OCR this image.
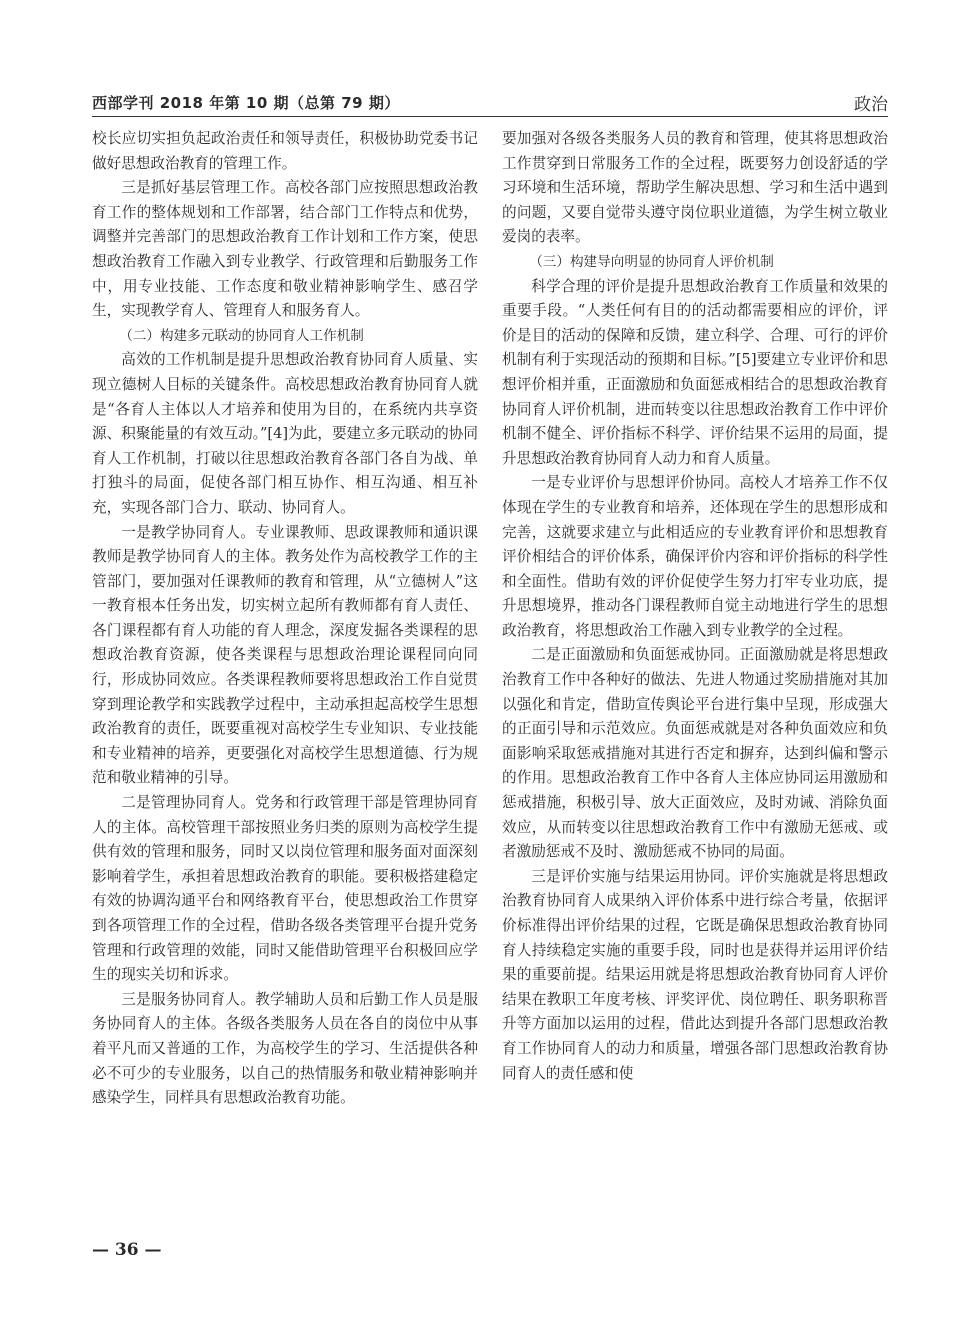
西部学刊 2018 年第 10 期（总第 79 期）	政治

校长应切实担负起政治责任和领导责任，积极协助党委书记做好思想政治教育的管理工作。

三是抓好基层管理工作。高校各部门应按照思想政治教育工作的整体规划和工作部署，结合部门工作特点和优势，调整并完善部门的思想政治教育工作计划和工作方案，使思想政治教育工作融入到专业教学、行政管理和后勤服务工作中，用专业技能、工作态度和敬业精神影响学生、感召学生，实现教学育人、管理育人和服务育人。

（二）构建多元联动的协同育人工作机制

高效的工作机制是提升思想政治教育协同育人质量、实现立德树人目标的关键条件。高校思想政治教育协同育人就是“各育人主体以人才培养和使用为目的，在系统内共享资源、积聚能量的有效互动。”[4]为此，要建立多元联动的协同育人工作机制，打破以往思想政治教育各部门各自为战、单打独斗的局面，促使各部门相互协作、相互沟通、相互补充，实现各部门合力、联动、协同育人。

一是教学协同育人。专业课教师、思政课教师和通识课教师是教学协同育人的主体。教务处作为高校教学工作的主管部门，要加强对任课教师的教育和管理，从“立德树人”这一教育根本任务出发，切实树立起所有教师都有育人责任、各门课程都有育人功能的育人理念，深度发掘各类课程的思想政治教育资源，使各类课程与思想政治理论课程同向同行，形成协同效应。各类课程教师要将思想政治工作自觉贯穿到理论教学和实践教学过程中，主动承担起高校学生思想政治教育的责任，既要重视对高校学生专业知识、专业技能和专业精神的培养，更要强化对高校学生思想道德、行为规范和敬业精神的引导。

二是管理协同育人。党务和行政管理干部是管理协同育人的主体。高校管理干部按照业务归类的原则为高校学生提供有效的管理和服务，同时又以岗位管理和服务面对面深刻影响着学生，承担着思想政治教育的职能。要积极搭建稳定有效的协调沟通平台和网络教育平台，使思想政治工作贯穿到各项管理工作的全过程，借助各级各类管理平台提升党务管理和行政管理的效能，同时又能借助管理平台积极回应学生的现实关切和诉求。

三是服务协同育人。教学辅助人员和后勤工作人员是服务协同育人的主体。各级各类服务人员在各自的岗位中从事着平凡而又普通的工作，为高校学生的学习、生活提供各种必不可少的专业服务，以自己的热情服务和敬业精神影响并感染学生，同样具有思想政治教育功能。

要加强对各级各类服务人员的教育和管理，使其将思想政治工作贯穿到日常服务工作的全过程，既要努力创设舒适的学习环境和生活环境，帮助学生解决思想、学习和生活中遇到的问题，又要自觉带头遵守岗位职业道德，为学生树立敬业爱岗的表率。

（三）构建导向明显的协同育人评价机制

科学合理的评价是提升思想政治教育工作质量和效果的重要手段。“人类任何有目的的活动都需要相应的评价，评价是目的活动的保障和反馈，建立科学、合理、可行的评价机制有利于实现活动的预期和目标。”[5]要建立专业评价和思想评价相并重，正面激励和负面惩戒相结合的思想政治教育协同育人评价机制，进而转变以往思想政治教育工作中评价机制不健全、评价指标不科学、评价结果不运用的局面，提升思想政治教育协同育人动力和育人质量。

一是专业评价与思想评价协同。高校人才培养工作不仅体现在学生的专业教育和培养，还体现在学生的思想形成和完善，这就要求建立与此相适应的专业教育评价和思想教育评价相结合的评价体系，确保评价内容和评价指标的科学性和全面性。借助有效的评价促使学生努力打牢专业功底，提升思想境界，推动各门课程教师自觉主动地进行学生的思想政治教育，将思想政治工作融入到专业教学的全过程。

二是正面激励和负面惩戒协同。正面激励就是将思想政治教育工作中各种好的做法、先进人物通过奖励措施对其加以强化和肯定，借助宣传舆论平台进行集中呈现，形成强大的正面引导和示范效应。负面惩戒就是对各种负面效应和负面影响采取惩戒措施对其进行否定和摒弃，达到纠偏和警示的作用。思想政治教育工作中各育人主体应协同运用激励和惩戒措施，积极引导、放大正面效应，及时劝诫、消除负面效应，从而转变以往思想政治教育工作中有激励无惩戒、或者激励惩戒不及时、激励惩戒不协同的局面。

三是评价实施与结果运用协同。评价实施就是将思想政治教育协同育人成果纳入评价体系中进行综合考量，依据评价标准得出评价结果的过程，它既是确保思想政治教育协同育人持续稳定实施的重要手段，同时也是获得并运用评价结果的重要前提。结果运用就是将思想政治教育协同育人评价结果在教职工年度考核、评奖评优、岗位聘任、职务职称晋升等方面加以运用的过程，借此达到提升各部门思想政治教育工作协同育人的动力和质量，增强各部门思想政治教育协同育人的责任感和使

— 36 —
